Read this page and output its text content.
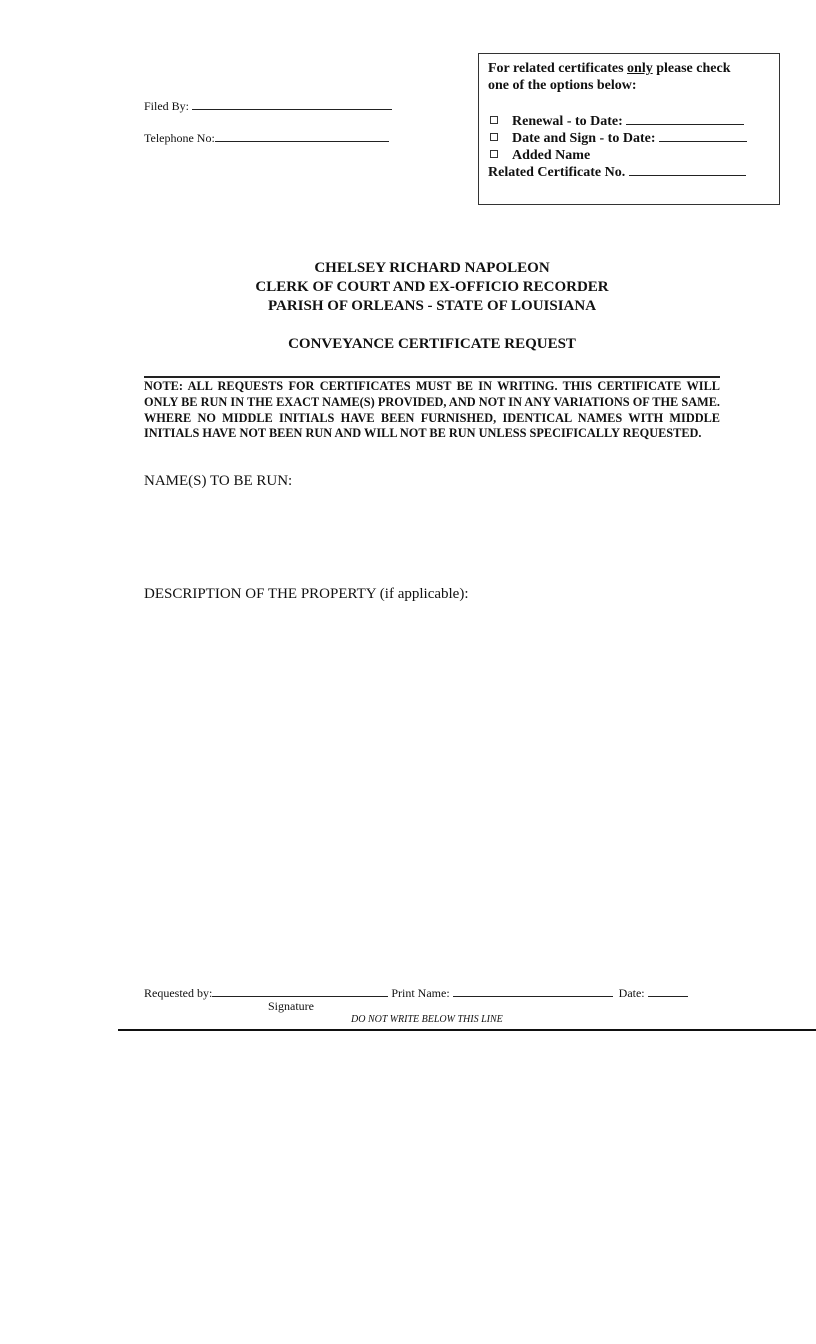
Filed By:
Telephone No:
For related certificates only please check
one of the options below:
Renewal - to Date:
Date and Sign - to Date:
Added Name
Related Certificate No.
CHELSEY RICHARD NAPOLEON
CLERK OF COURT AND EX-OFFICIO RECORDER
PARISH OF ORLEANS - STATE OF LOUISIANA
CONVEYANCE CERTIFICATE REQUEST
NOTE: ALL REQUESTS FOR CERTIFICATES MUST BE IN WRITING. THIS CERTIFICATE WILL ONLY BE RUN IN THE EXACT NAME(S) PROVIDED, AND NOT IN ANY VARIATIONS OF THE SAME. WHERE NO MIDDLE INITIALS HAVE BEEN FURNISHED, IDENTICAL NAMES WITH MIDDLE INITIALS HAVE NOT BEEN RUN AND WILL NOT BE RUN UNLESS SPECIFICALLY REQUESTED.
NAME(S) TO BE RUN:
DESCRIPTION OF THE PROPERTY (if applicable):
Requested by:	Print Name:	Date:
Signature
DO NOT WRITE BELOW THIS LINE
